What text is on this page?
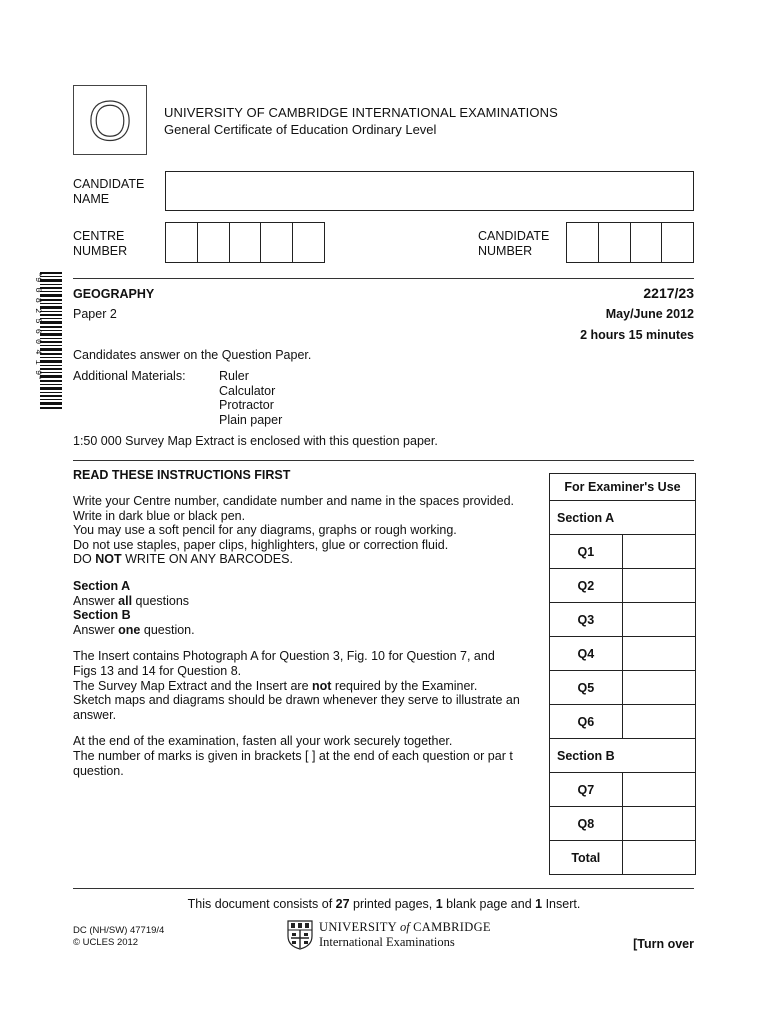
O UNIVERSITY OF CAMBRIDGE INTERNATIONAL EXAMINATIONS
General Certificate of Education Ordinary Level
CANDIDATE
NAME
CENTRE
NUMBER
CANDIDATE
NUMBER
*9 0 8 2 5 6 0 4 1 9* GEOGRAPHY	2217/23
Paper 2	May/June 2012
2 hours 15 minutes
Candidates answer on the Question Paper.
Additional Materials:	Ruler
Calculator
Protractor
Plain paper
1:50 000 Survey Map Extract is enclosed with this question paper.
READ THESE INSTRUCTIONS FIRST
Write your Centre number, candidate number and name in the spaces provided.
Write in dark blue or black pen.
You may use a soft pencil for any diagrams, graphs or rough working.
Do not use staples, paper clips, highlighters, glue or correction fluid.
DO NOT WRITE ON ANY BARCODES.
Section A
Answer all questions
Section B
Answer one question.
The Insert contains Photograph A for Question 3, Fig. 10 for Question 7, and
Figs 13 and 14 for Question 8.
The Survey Map Extract and the Insert are not required by the Examiner.
Sketch maps and diagrams should be drawn whenever they serve to illustrate an
answer.
At the end of the examination, fasten all your work securely together.
The number of marks is given in brackets [ ] at the end of each question or par t
question.
For Examiner's Use	
Section A	
Q1	
Q2	
Q3	
Q4	
Q5	
Q6	
Section B	
Q7	
Q8	
Total	
This document consists of 27 printed pages, 1 blank page and 1 Insert.
DC (NH/SW) 47719/4
© UCLES 2012
UNIVERSITY of CAMBRIDGE
International Examinations	[Turn over
